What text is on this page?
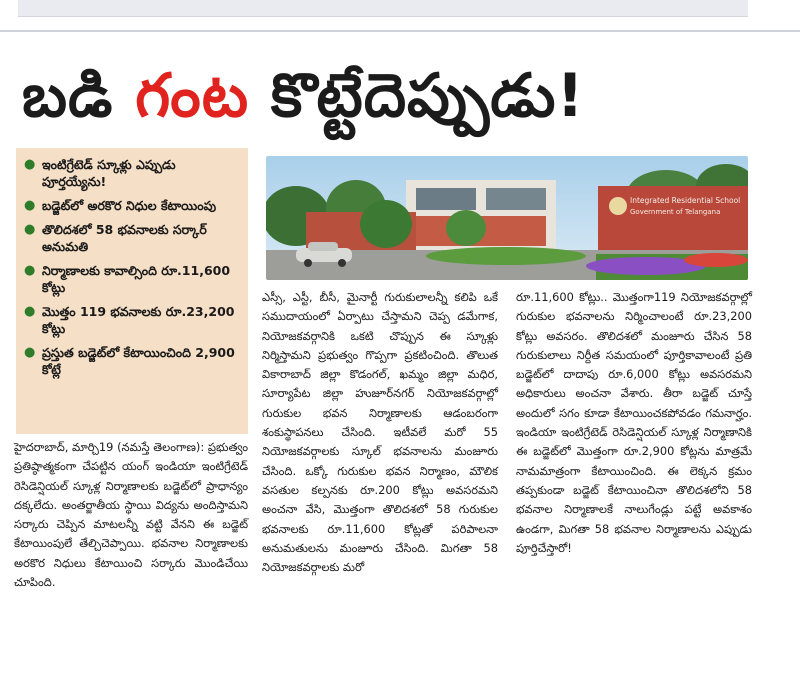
బడి గంట కొట్టేదెప్పుడు!
● ఇంటిగ్రేటెడ్ స్కూళ్లు ఎప్పుడు పూర్తయ్యేను!
● బడ్జెట్‌లో అరకొర నిధుల కేటాయింపు
● తొలిదశలో 58 భవనాలకు సర్కార్ అనుమతి
● నిర్మాణాలకు కావాల్సింది రూ.11,600 కోట్లు
● మొత్తం 119 భవనాలకు రూ.23,200 కోట్లు
● ప్రస్తుత బడ్జెట్‌లో కేటాయించింది 2,900 కోట్లే
Integrated Residential School
Government of Telangana
హైదరాబాద్, మార్చి19 (నమస్తే తెలంగాణ): ప్రభుత్వం ప్రతిష్ఠాత్మకంగా చేపట్టిన యంగ్ ఇండియా ఇంటిగ్రేటెడ్ రెసిడెన్షియల్ స్కూళ్ల నిర్మాణాలకు బడ్జెట్‌లో ప్రాధాన్యం దక్కలేదు. అంతర్జాతీయ స్థాయి విద్యను అందిస్తామని సర్కారు చెప్పిన మాటలన్నీ వట్టి వేనని ఈ బడ్జెట్ కేటాయింపులే తేల్చిచెప్పాయి. భవనాల నిర్మాణాలకు అరకొర నిధులు కేటాయించి సర్కారు మొండిచేయి చూపింది.
ఎస్సీ, ఎస్టీ, బీసీ, మైనార్టీ గురుకులాలన్నీ కలిపి ఒకే సముదాయంలో ఏర్పాటు చేస్తామని చెప్ప డమేగాక, నియోజకవర్గానికి ఒకటి చొప్పున ఈ స్కూళ్లు నిర్మిస్తామని ప్రభుత్వం గొప్పగా ప్రకటించింది. తొలుత వికారాబాద్ జిల్లా కొడంగల్, ఖమ్మం జిల్లా మధిర, సూర్యాపేట జిల్లా హుజూర్‌నగర్ నియోజకవర్గాల్లో గురుకుల భవన నిర్మాణాలకు ఆడంబరంగా శంకుస్థాపనలు చేసింది. ఇటీవలే మరో 55 నియోజకవర్గాలకు స్కూల్ భవనాలను మంజూరు చేసింది. ఒక్కో గురుకుల భవన నిర్మాణం, మౌలిక వసతుల కల్పనకు రూ.200 కోట్లు అవసరమని అంచనా వేసి, మొత్తంగా తొలిదశలో 58 గురుకుల భవనాలకు రూ.11,600 కోట్లతో పరిపాలనా అనుమతులను మంజూరు చేసింది. మిగతా 58 నియోజకవర్గాలకు మరో
రూ.11,600 కోట్లు.. మొత్తంగా119 నియోజకవర్గాల్లో గురుకుల భవనాలను నిర్మించాలంటే రూ.23,200 కోట్లు అవసరం. తొలిదశలో మంజూరు చేసిన 58 గురుకులాలు నిర్దీత సమయంలో పూర్తికావాలంటే ప్రతి బడ్జెట్‌లో దాదాపు రూ.6,000 కోట్లు అవసరమని అధికారులు అంచనా వేశారు. తీరా బడ్జెట్ చూస్తే అందులో సగం కూడా కేటాయించకపోవడం గమనార్హం. ఇండియా ఇంటిగ్రేటెడ్ రెసిడెన్షియల్ స్కూళ్ల నిర్మాణానికి ఈ బడ్జెట్‌లో మొత్తంగా రూ.2,900 కోట్లను మాత్రమే నామమాత్రంగా కేటాయించింది. ఈ లెక్కన క్రమం తప్పకుండా బడ్జెట్ కేటాయించినా తొలిదశలోని 58 భవనాల నిర్మాణాలకే నాలుగేండ్లు పట్టే అవకాశం ఉండగా, మిగతా 58 భవనాల నిర్మాణాలను ఎప్పుడు పూర్తిచేస్తారో!
